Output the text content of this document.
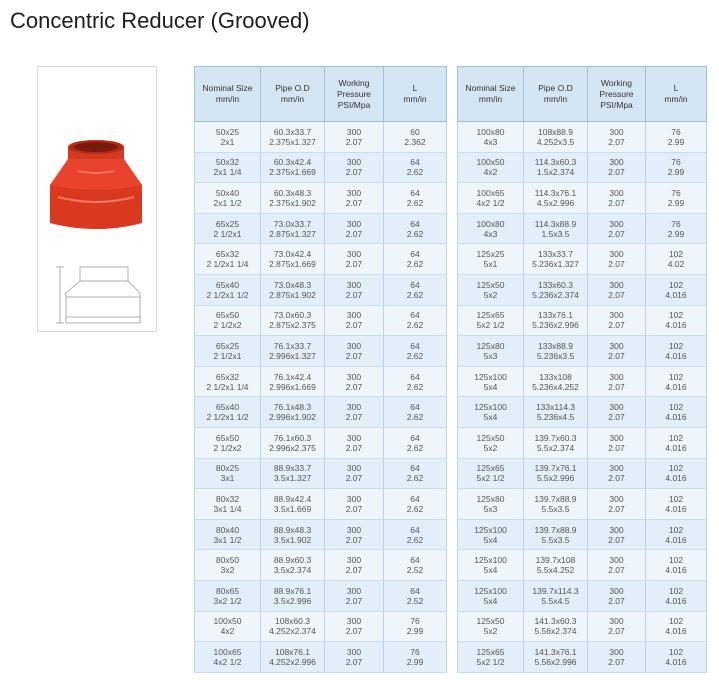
Concentric Reducer (Grooved)
Nominal Size
mm/in	Pipe O.D
mm/in	Working
Pressure
PSI/Mpa	L
mm/in

50x25
2x1	60.3x33.7
2.375x1.327	300
2.07	60
2.362

50x32
2x1 1/4	60.3x42.4
2.375x1.669	300
2.07	64
2.62

50x40
2x1 1/2	60.3x48.3
2.375x1.902	300
2.07	64
2.62

65x25
2 1/2x1	73.0x33.7
2.875x1.327	300
2.07	64
2.62

65x32
2 1/2x1 1/4	73.0x42.4
2.875x1.669	300
2.07	64
2.62

65x40
2 1/2x1 1/2	73.0x48.3
2.875x1.902	300
2.07	64
2.62

65x50
2 1/2x2	73.0x60.3
2.875x2.375	300
2.07	64
2.62

65x25
2 1/2x1	76.1x33.7
2.996x1.327	300
2.07	64
2.62

65x32
2 1/2x1 1/4	76.1x42.4
2.996x1.669	300
2.07	64
2.62

65x40
2 1/2x1 1/2	76.1x48.3
2.996x1.902	300
2.07	64
2.62

65x50
2 1/2x2	76.1x60.3
2.996x2.375	300
2.07	64
2.62

80x25
3x1	88.9x33.7
3.5x1.327	300
2.07	64
2.62

80x32
3x1 1/4	88.9x42.4
3.5x1.669	300
2.07	64
2.62

80x40
3x1 1/2	88.9x48.3
3.5x1.902	300
2.07	64
2.62

80x50
3x2	88.9x60.3
3.5x2.374	300
2.07	64
2.52

80x65
3x2 1/2	88.9x76.1
3.5x2.996	300
2.07	64
2.52

100x50
4x2	108x60.3
4.252x2.374	300
2.07	76
2.99

100x65
4x2 1/2	108x76.1
4.252x2.996	300
2.07	76
2.99
Nominal Size
mm/in	Pipe O.D
mm/in	Working
Pressure
PSI/Mpa	L
mm/in

100x80
4x3	108x88.9
4.252x3.5	300
2.07	76
2.99

100x50
4x2	114.3x60.3
1.5x2.374	300
2.07	76
2.99

100x65
4x2 1/2	114.3x76.1
4.5x2.996	300
2.07	76
2.99

100x80
4x3	114.3x88.9
1.5x3.5	300
2.07	76
2.99

125x25
5x1	133x33.7
5.236x1.327	300
2.07	102
4.02

125x50
5x2	133x60.3
5.236x2.374	300
2.07	102
4.016

125x65
5x2 1/2	133x76.1
5.236x2.996	300
2.07	102
4.016

125x80
5x3	133x88.9
5.236x3.5	300
2.07	102
4.016

125x100
5x4	133x108
5.236x4.252	300
2.07	102
4.016

125x100
5x4	133x114.3
5.236x4.5	300
2.07	102
4.016

125x50
5x2	139.7x60.3
5.5x2.374	300
2.07	102
4.016

125x65
5x2 1/2	139.7x76.1
5.5x2.996	300
2.07	102
4.016

125x80
5x3	139.7x88.9
5.5x3.5	300
2.07	102
4.016

125x100
5x4	139.7x88.9
5.5x3.5	300
2.07	102
4.016

125x100
5x4	139.7x108
5.5x4.252	300
2.07	102
4.016

125x100
5x4	139.7x114.3
5.5x4.5	300
2.07	102
4.016

125x50
5x2	141.3x60.3
5.56x2.374	300
2.07	102
4.016

125x65
5x2 1/2	141.3x76.1
5.56x2.996	300
2.07	102
4.016
